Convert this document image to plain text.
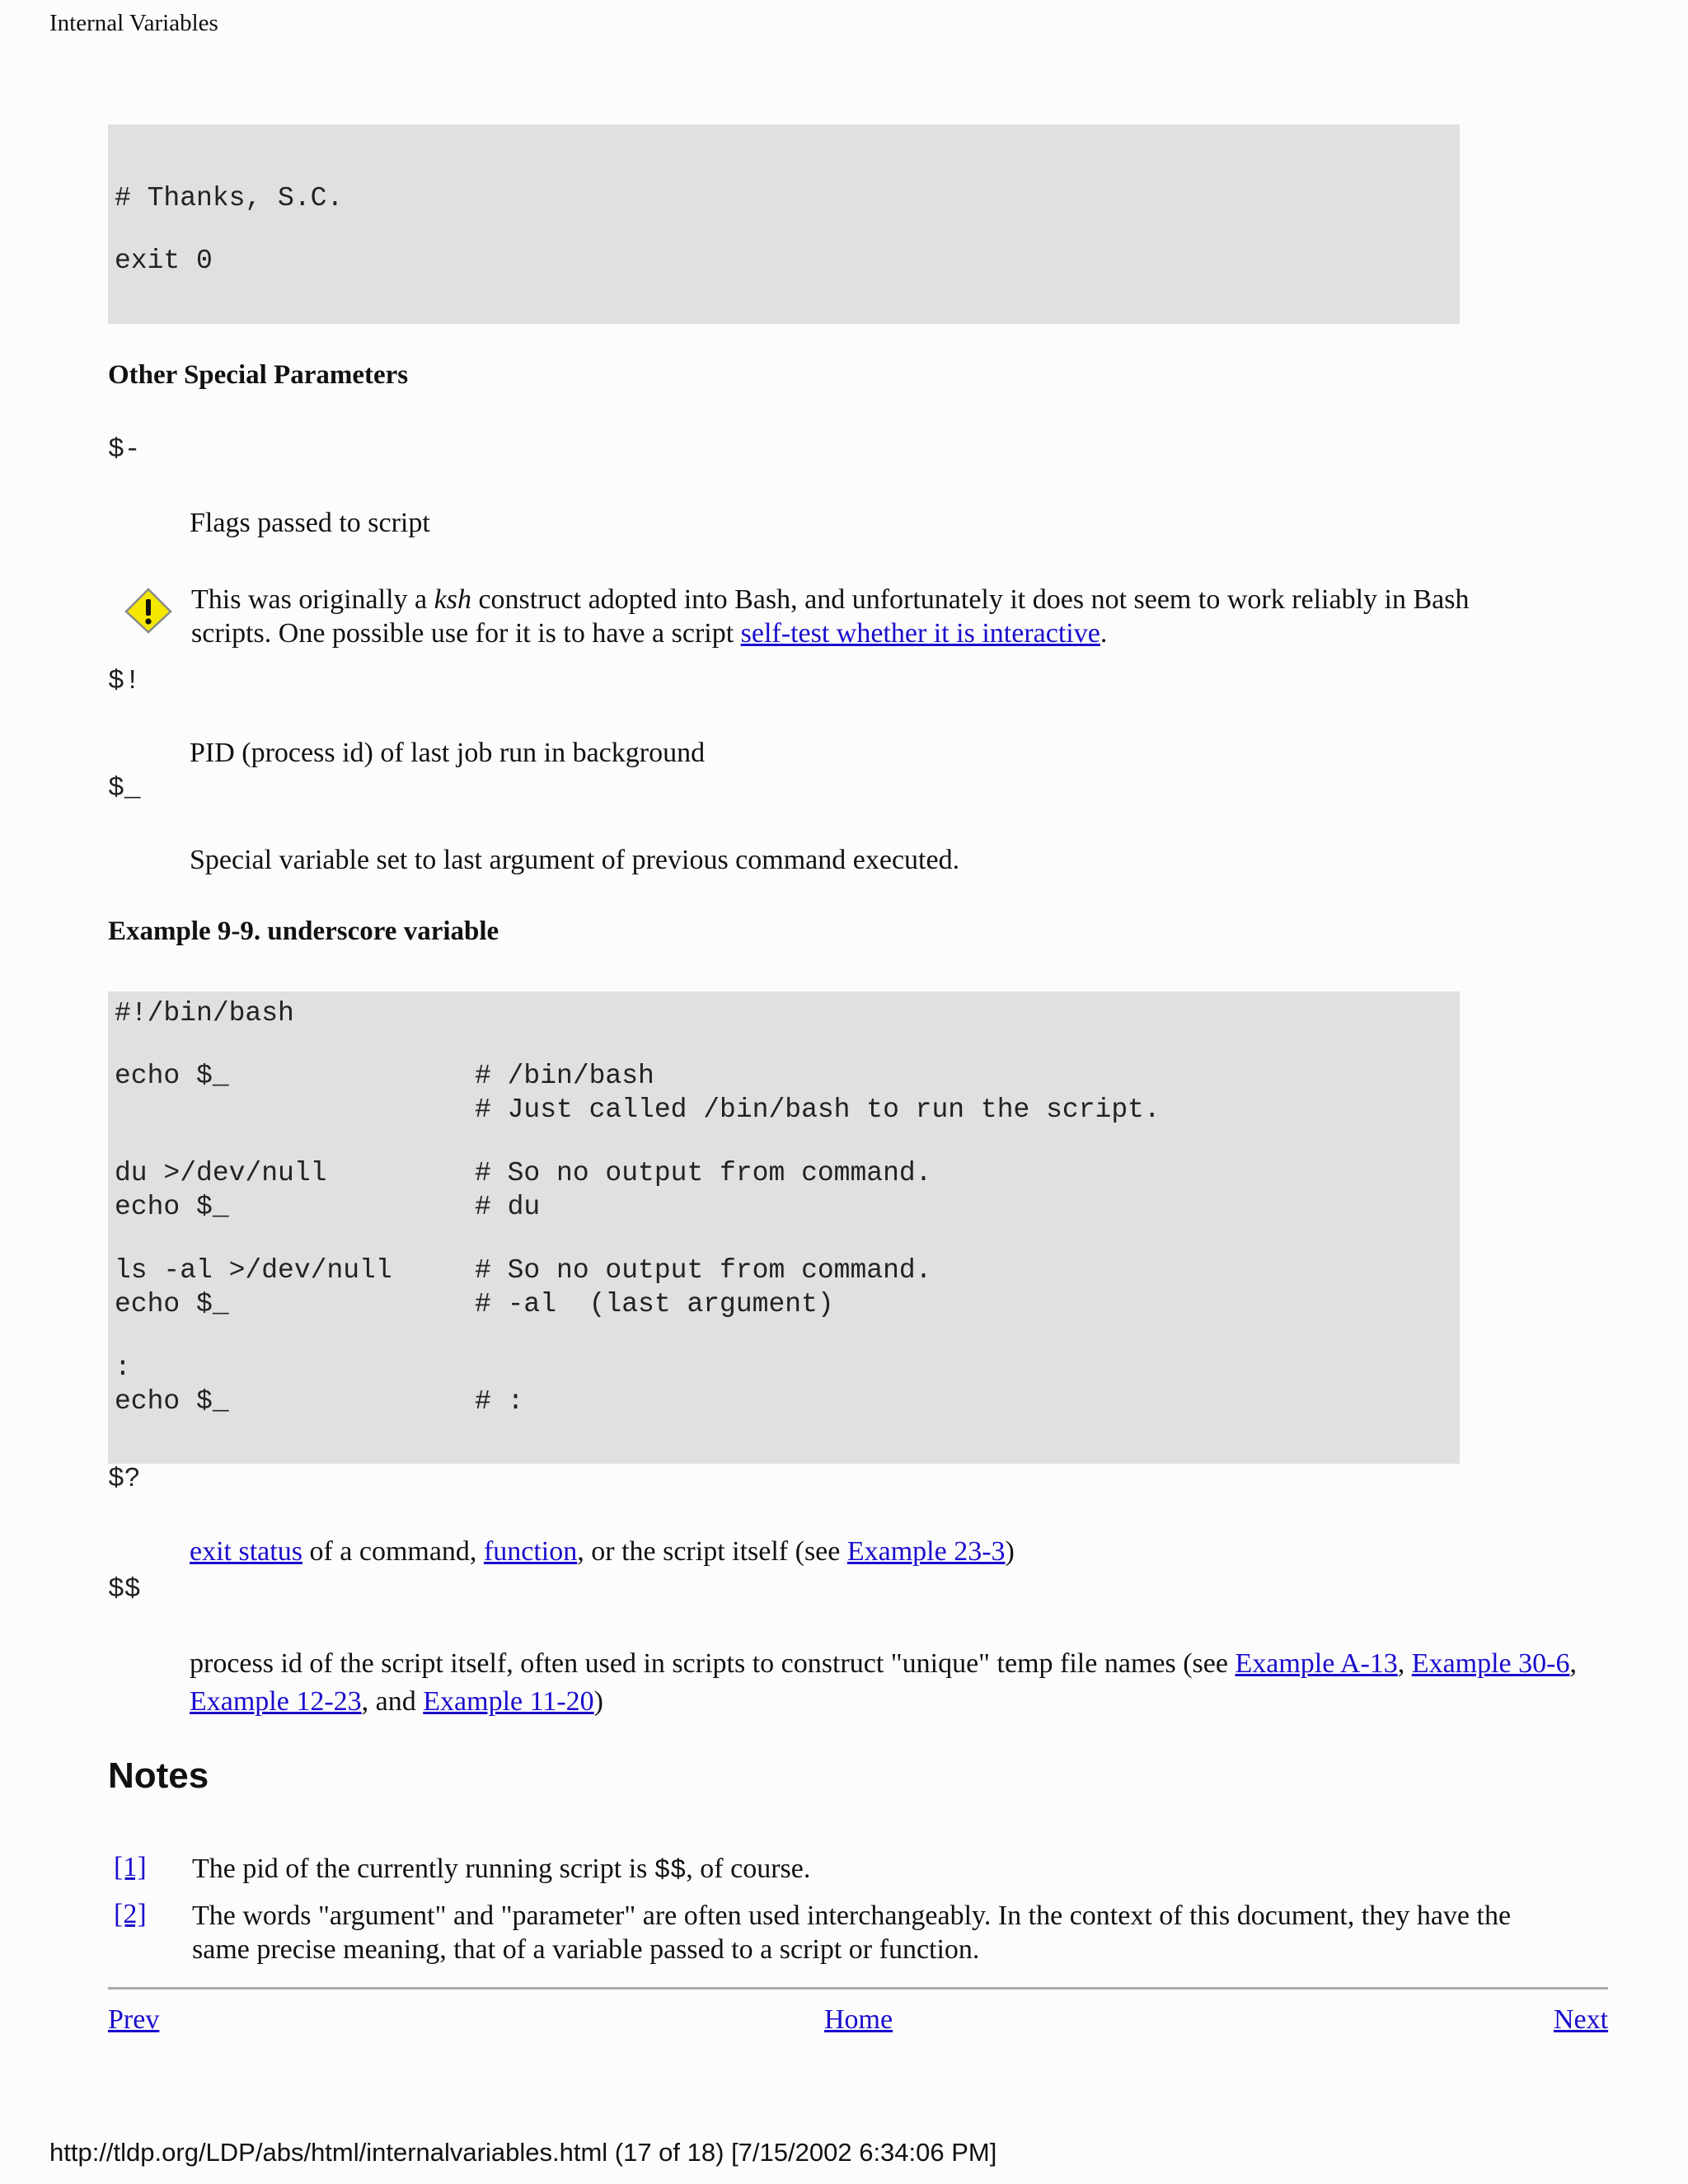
Internal Variables
# Thanks, S.C.
exit 0
Other Special Parameters
$-
Flags passed to script
This was originally a ksh construct adopted into Bash, and unfortunately it does not seem to work reliably in Bash scripts. One possible use for it is to have a script self-test whether it is interactive.
$!
PID (process id) of last job run in background
$_
Special variable set to last argument of previous command executed.
Example 9-9. underscore variable
#!/bin/bash
echo $_	# /bin/bash
# Just called /bin/bash to run the script.
du >/dev/null	# So no output from command.
echo $_	# du
ls -al >/dev/null	# So no output from command.
echo $_	# -al  (last argument)
:
echo $_	# :
$?
exit status of a command, function, or the script itself (see Example 23-3)
$$
process id of the script itself, often used in scripts to construct "unique" temp file names (see Example A-13, Example 30-6, Example 12-23, and Example 11-20)
Notes
[1] The pid of the currently running script is $$, of course.
[2] The words "argument" and "parameter" are often used interchangeably. In the context of this document, they have the same precise meaning, that of a variable passed to a script or function.
Prev	Home	Next
http://tldp.org/LDP/abs/html/internalvariables.html (17 of 18) [7/15/2002 6:34:06 PM]
